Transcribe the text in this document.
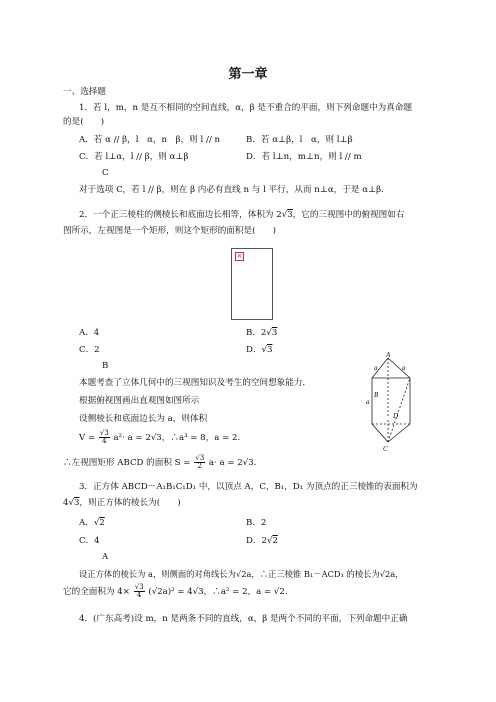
第一章
一、选择题
1．若 l，m，n 是互不相同的空间直线，α，β 是不重合的平面，则下列命题中为真命题
的是(　　)
A．若 α // β，l　α，n　β，则 l // n	B．若 α⊥β，l　α，则 l⊥β
C．若 l⊥α，l // β，则 α⊥β	D．若 l⊥n，m⊥n，则 l // m
C
对于选项 C，若 l // β，则在 β 内必有直线 n 与 l 平行，从而 n⊥α，于是 α⊥β.
2．一个正三棱柱的侧棱长和底面边长相等，体积为 2√3，它的三视图中的俯视图如右
图所示，左视图是一个矩形，则这个矩形的面积是(　　)
×
A．4	B．2√3
C．2	D．√3
B
本题考查了立体几何中的三视图知识及考生的空间想象能力．
根据俯视图画出直观图如图所示
设侧棱长和底面边长为 a，则体积
$V = \frac{√3}{4} a^2\cdot a = 2√3$，∴a³ = 8，a = 2.
∴左视图矩形 ABCD 的面积 $S = \frac{√3}{2} a\cdot a = 2√3$.
A
B
C
D
a	a
a
3．正方体 ABCD－A₁B₁C₁D₁ 中，以顶点 A，C，B₁，D₁ 为顶点的正三棱锥的表面积为
4√3，则正方体的棱长为(　　)
A．√2	B．2
C．4	D．2√2
A
设正方体的棱长为 a，则侧面的对角线长为√2a，∴正三棱锥 B₁－ACD₁ 的棱长为√2a，
它的全面积为 $4\times \frac{√3}{4} (√2a)^2 = 4√3$，∴a² = 2，a = √2.
4．(广东高考)设 m，n 是两条不同的直线，α，β 是两个不同的平面，下列命题中正确
